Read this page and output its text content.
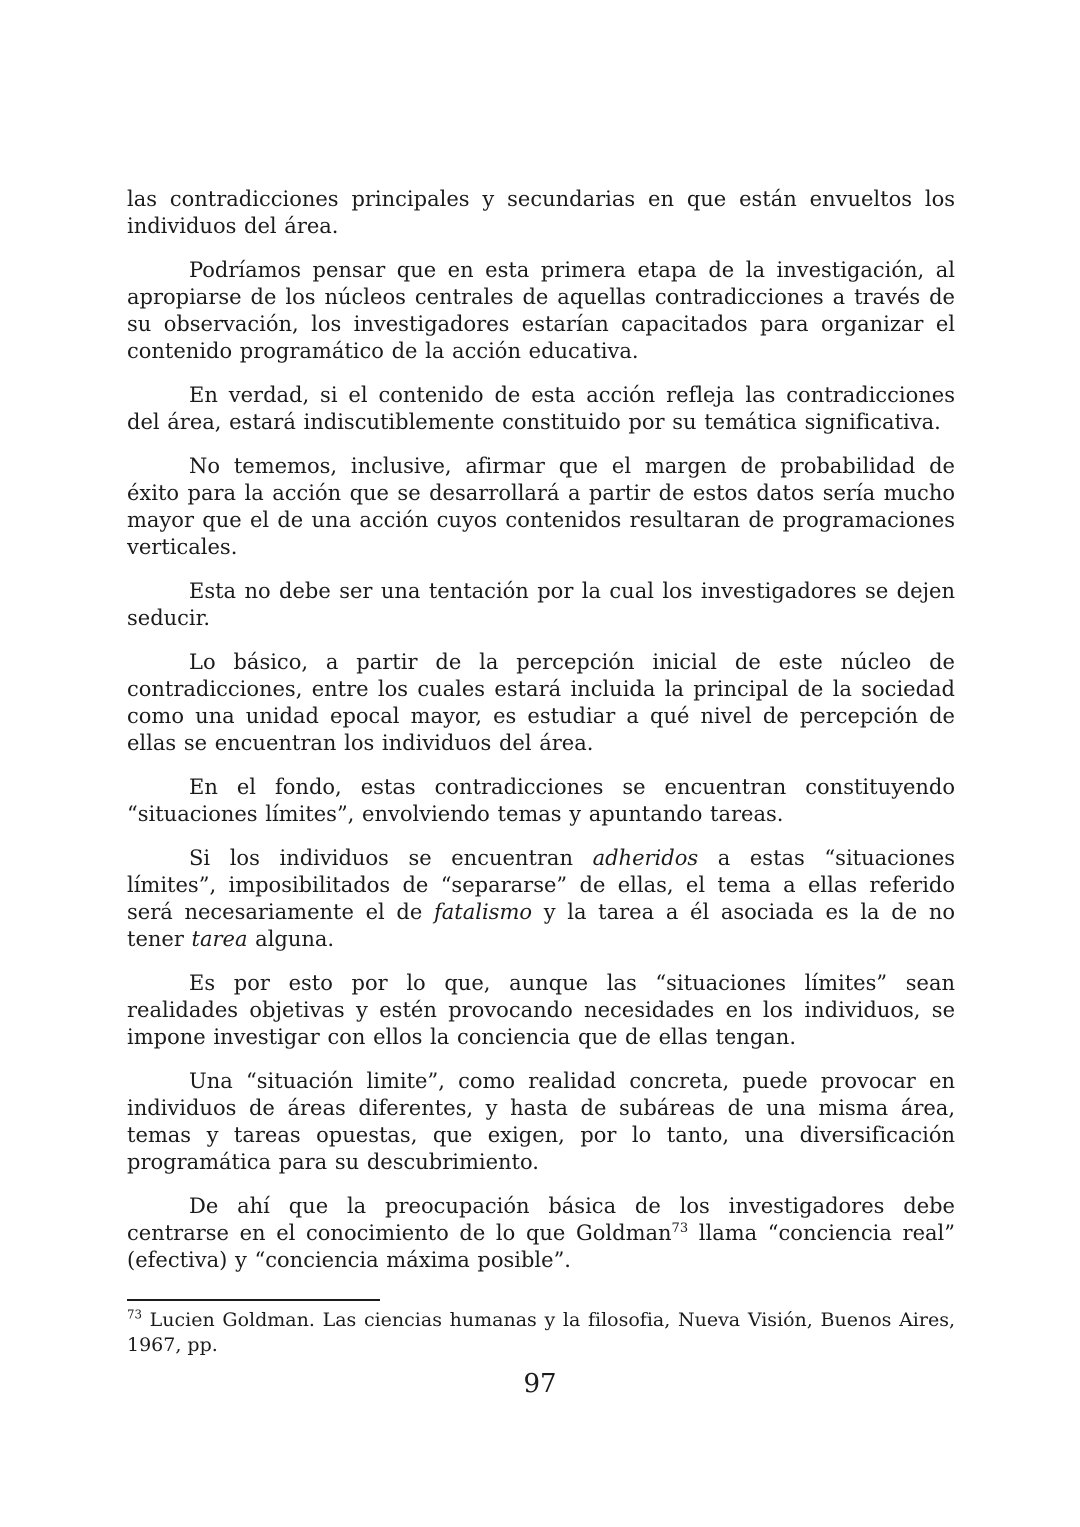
las contradicciones principales y secundarias en que están envueltos los individuos del área.

Podríamos pensar que en esta primera etapa de la investigación, al apropiarse de los núcleos centrales de aquellas contradicciones a través de su observación, los investigadores estarían capacitados para organizar el contenido programático de la acción educativa.

En verdad, si el contenido de esta acción refleja las contradicciones del área, estará indiscutiblemente constituido por su temática significativa.

No tememos, inclusive, afirmar que el margen de probabilidad de éxito para la acción que se desarrollará a partir de estos datos sería mucho mayor que el de una acción cuyos contenidos resultaran de programaciones verticales.

Esta no debe ser una tentación por la cual los investigadores se dejen seducir.

Lo básico, a partir de la percepción inicial de este núcleo de contradicciones, entre los cuales estará incluida la principal de la sociedad como una unidad epocal mayor, es estudiar a qué nivel de percepción de ellas se encuentran los individuos del área.

En el fondo, estas contradicciones se encuentran constituyendo “situaciones límites”, envolviendo temas y apuntando tareas.

Si los individuos se encuentran adheridos a estas “situaciones límites”, imposibilitados de “separarse” de ellas, el tema a ellas referido será necesariamente el de fatalismo y la tarea a él asociada es la de no tener tarea alguna.

Es por esto por lo que, aunque las “situaciones límites” sean realidades objetivas y estén provocando necesidades en los individuos, se impone investigar con ellos la conciencia que de ellas tengan.

Una “situación limite”, como realidad concreta, puede provocar en individuos de áreas diferentes, y hasta de subáreas de una misma área, temas y tareas opuestas, que exigen, por lo tanto, una diversificación programática para su descubrimiento.

De ahí que la preocupación básica de los investigadores debe centrarse en el conocimiento de lo que Goldman$^{73}$ llama “conciencia real” (efectiva) y “conciencia máxima posible”.

$^{73}$ Lucien Goldman. Las ciencias humanas y la filosofia, Nueva Visión, Buenos Aires, 1967, pp.
97
